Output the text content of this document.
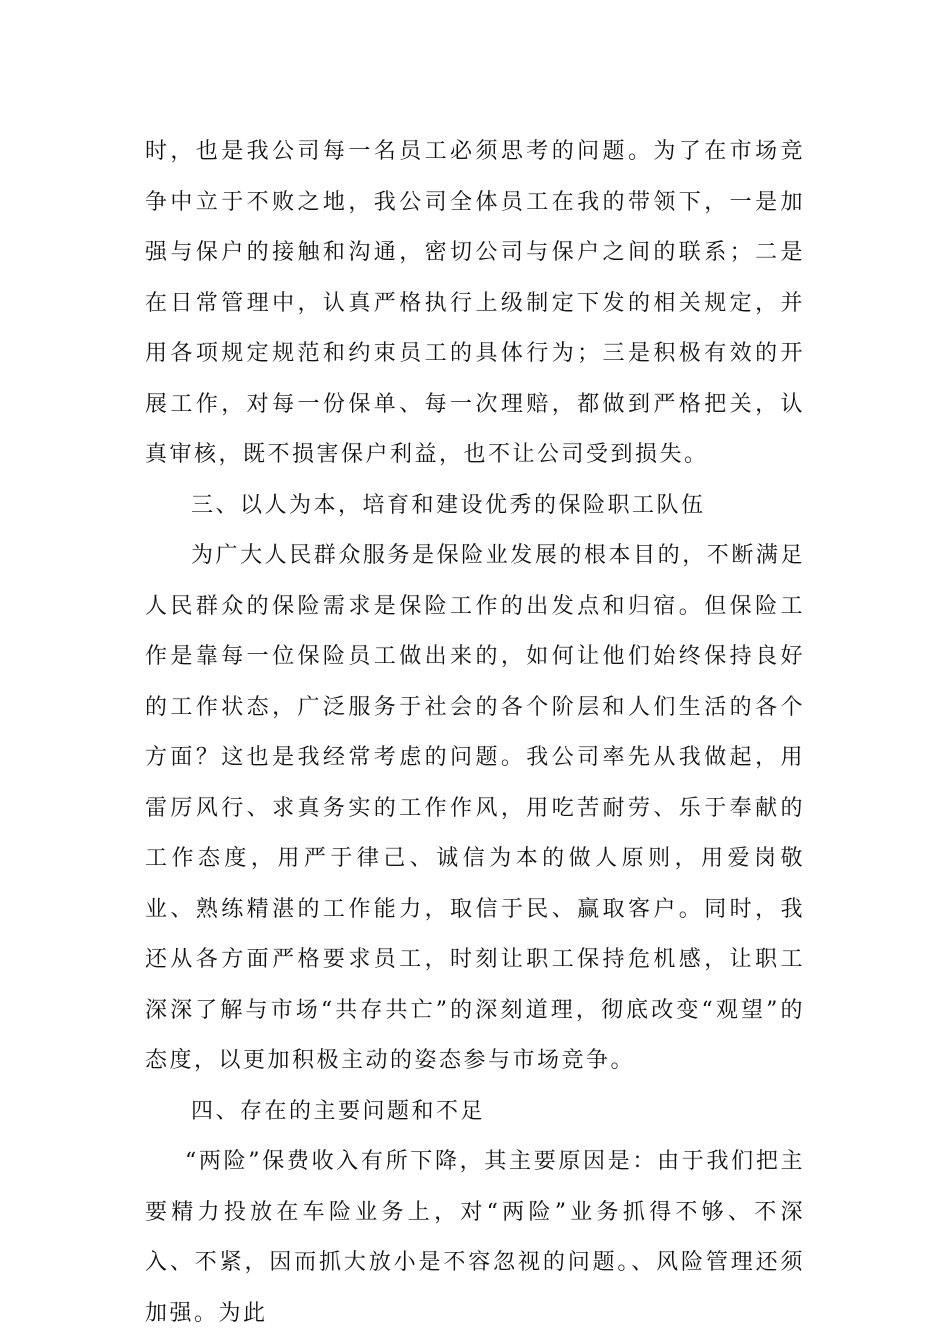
时，也是我公司每一名员工必须思考的问题。为了在市场竞争中立于不败之地，我公司全体员工在我的带领下，一是加强与保户的接触和沟通，密切公司与保户之间的联系；二是在日常管理中，认真严格执行上级制定下发的相关规定，并用各项规定规范和约束员工的具体行为；三是积极有效的开展工作，对每一份保单、每一次理赔，都做到严格把关，认真审核，既不损害保户利益，也不让公司受到损失。

三、以人为本，培育和建设优秀的保险职工队伍

为广大人民群众服务是保险业发展的根本目的，不断满足人民群众的保险需求是保险工作的出发点和归宿。但保险工作是靠每一位保险员工做出来的，如何让他们始终保持良好的工作状态，广泛服务于社会的各个阶层和人们生活的各个方面？这也是我经常考虑的问题。我公司率先从我做起，用雷厉风行、求真务实的工作作风，用吃苦耐劳、乐于奉献的工作态度，用严于律己、诚信为本的做人原则，用爱岗敬业、熟练精湛的工作能力，取信于民、赢取客户。同时，我还从各方面严格要求员工，时刻让职工保持危机感，让职工深深了解与市场“共存共亡”的深刻道理，彻底改变“观望”的态度，以更加积极主动的姿态参与市场竞争。

四、存在的主要问题和不足

“两险”保费收入有所下降，其主要原因是：由于我们把主要精力投放在车险业务上，对“两险”业务抓得不够、不深入、不紧，因而抓大放小是不容忽视的问题。、风险管理还须加强。为此
